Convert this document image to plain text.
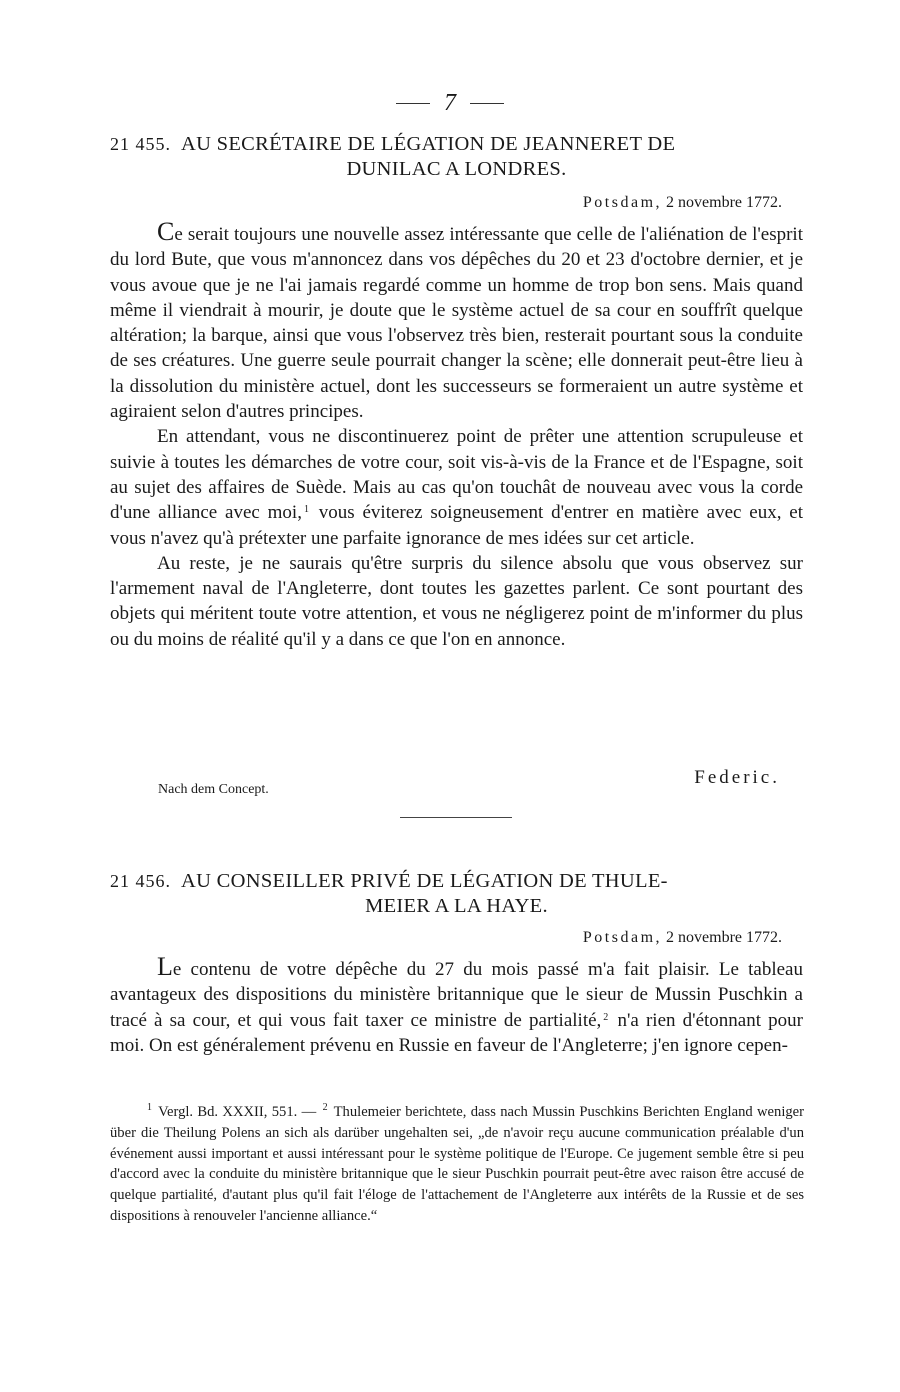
7
21 455. AU SECRÉTAIRE DE LÉGATION DE JEANNERET DE
DUNILAC A LONDRES.
Potsdam, 2 novembre 1772.

Ce serait toujours une nouvelle assez intéressante que celle de l'aliénation de l'esprit du lord Bute, que vous m'annoncez dans vos dépêches du 20 et 23 d'octobre dernier, et je vous avoue que je ne l'ai jamais regardé comme un homme de trop bon sens. Mais quand même il viendrait à mourir, je doute que le système actuel de sa cour en souffrît quelque altération; la barque, ainsi que vous l'observez très bien, resterait pourtant sous la conduite de ses créatures. Une guerre seule pourrait changer la scène; elle donnerait peut-être lieu à la dissolution du ministère actuel, dont les successeurs se formeraient un autre système et agiraient selon d'autres principes.

En attendant, vous ne discontinuerez point de prêter une attention scrupuleuse et suivie à toutes les démarches de votre cour, soit vis-à-vis de la France et de l'Espagne, soit au sujet des affaires de Suède. Mais au cas qu'on touchât de nouveau avec vous la corde d'une alliance avec moi, $^1$ vous éviterez soigneusement d'entrer en matière avec eux, et vous n'avez qu'à prétexter une parfaite ignorance de mes idées sur cet article.

Au reste, je ne saurais qu'être surpris du silence absolu que vous observez sur l'armement naval de l'Angleterre, dont toutes les gazettes parlent. Ce sont pourtant des objets qui méritent toute votre attention, et vous ne négligerez point de m'informer du plus ou du moins de réalité qu'il y a dans ce que l'on en annonce.

Federic.
Nach dem Concept.
21 456. AU CONSEILLER PRIVÉ DE LÉGATION DE THULE-
MEIER A LA HAYE.
Potsdam, 2 novembre 1772.

Le contenu de votre dépêche du 27 du mois passé m'a fait plaisir. Le tableau avantageux des dispositions du ministère britannique que le sieur de Mussin Puschkin a tracé à sa cour, et qui vous fait taxer ce ministre de partialité, $^2$ n'a rien d'étonnant pour moi. On est généralement prévenu en Russie en faveur de l'Angleterre; j'en ignore cepen-

$^1$ Vergl. Bd. XXXII, 551. — $^2$ Thulemeier berichtete, dass nach Mussin Puschkins Berichten England weniger über die Theilung Polens an sich als darüber ungehalten sei, „de n'avoir reçu aucune communication préalable d'un événement aussi important et aussi intéressant pour le système politique de l'Europe. Ce jugement semble être si peu d'accord avec la conduite du ministère britannique que le sieur Puschkin pourrait peut-être avec raison être accusé de quelque partialité, d'autant plus qu'il fait l'éloge de l'attachement de l'Angleterre aux intérêts de la Russie et de ses dispositions à renouveler l'ancienne alliance.“
